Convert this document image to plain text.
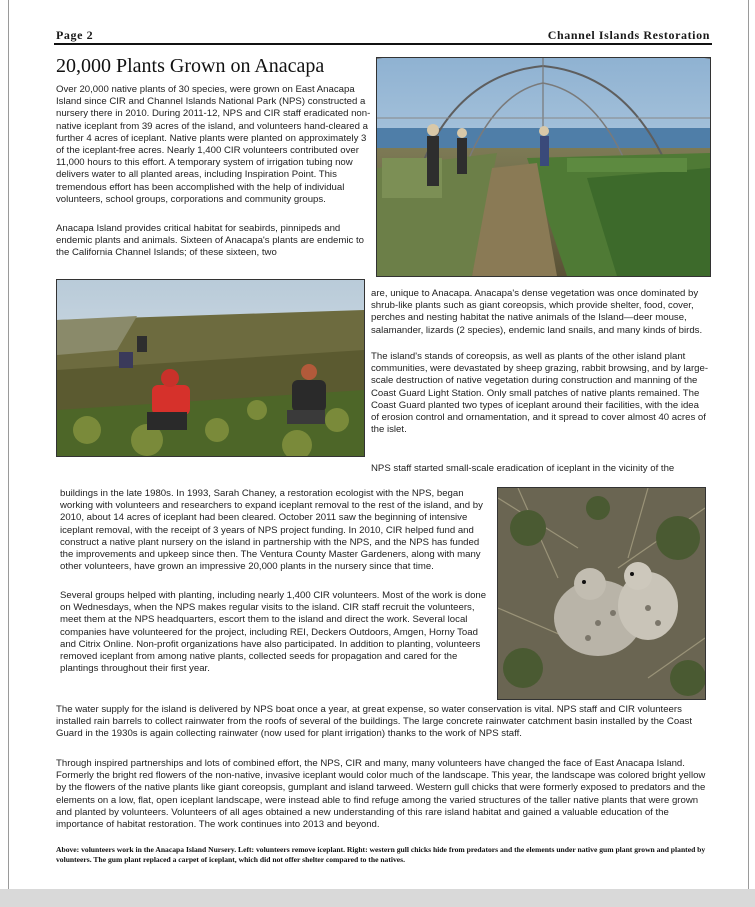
Page 2	Channel Islands Restoration
20,000 Plants Grown on Anacapa

Over 20,000 native plants of 30 species, were grown on East Anacapa Island since CIR and Channel Islands National Park (NPS) constructed a nursery there in 2010. During 2011-12, NPS and CIR staff eradicated non-native iceplant from 39 acres of the island, and volunteers hand-cleared a further 4 acres of iceplant. Native plants were planted on approximately 3 of the iceplant-free acres. Nearly 1,400 CIR volunteers contributed over 11,000 hours to this effort. A temporary system of irrigation tubing now delivers water to all planted areas, including Inspiration Point. This tremendous effort has been accomplished with the help of individual volunteers, school groups, corporations and community groups.

Anacapa Island provides critical habitat for seabirds, pinnipeds and endemic plants and animals. Sixteen of Anacapa's plants are endemic to the California Channel Islands; of these sixteen, two

are, unique to Anacapa. Anacapa's dense vegetation was once dominated by shrub-like plants such as giant coreopsis, which provide shelter, food, cover, perches and nesting habitat the native animals of the Island—deer mouse, salamander, lizards (2 species), endemic land snails, and many kinds of birds.

The island's stands of coreopsis, as well as plants of the other island plant communities, were devastated by sheep grazing, rabbit browsing, and by large-scale destruction of native vegetation during construction and manning of the Coast Guard Light Station. Only small patches of native plants remained. The Coast Guard planted two types of iceplant around their facilities, with the idea of erosion control and ornamentation, and it spread to cover almost 40 acres of the islet.

NPS staff started small-scale eradication of iceplant in the vicinity of the

buildings in the late 1980s. In 1993, Sarah Chaney, a restoration ecologist with the NPS, began working with volunteers and researchers to expand iceplant removal to the rest of the island, and by 2010, about 14 acres of iceplant had been cleared. October 2011 saw the beginning of intensive iceplant removal, with the receipt of 3 years of NPS project funding. In 2010, CIR helped fund and construct a native plant nursery on the island in partnership with the NPS, and the NPS has funded the improvements and upkeep since then. The Ventura County Master Gardeners, along with many other volunteers, have grown an impressive 20,000 plants in the nursery since that time.

Several groups helped with planting, including nearly 1,400 CIR volunteers. Most of the work is done on Wednesdays, when the NPS makes regular visits to the island. CIR staff recruit the volunteers, meet them at the NPS headquarters, escort them to the island and direct the work. Several local companies have volunteered for the project, including REI, Deckers Outdoors, Amgen, Horny Toad and Citrix Online. Non-profit organizations have also participated. In addition to planting, volunteers removed iceplant from among native plants, collected seeds for propagation and cared for the plantings throughout their first year.

The water supply for the island is delivered by NPS boat once a year, at great expense, so water conservation is vital. NPS staff and CIR volunteers installed rain barrels to collect rainwater from the roofs of several of the buildings. The large concrete rainwater catchment basin installed by the Coast Guard in the 1930s is again collecting rainwater (now used for plant irrigation) thanks to the work of NPS staff.

Through inspired partnerships and lots of combined effort, the NPS, CIR and many, many volunteers have changed the face of East Anacapa Island. Formerly the bright red flowers of the non-native, invasive iceplant would color much of the landscape. This year, the landscape was colored bright yellow by the flowers of the native plants like giant coreopsis, gumplant and island tarweed. Western gull chicks that were formerly exposed to predators and the elements on a low, flat, open iceplant landscape, were instead able to find refuge among the varied structures of the taller native plants that were grown and planted by volunteers. Volunteers of all ages obtained a new understanding of this rare island habitat and gained a valuable education of the importance of habitat restoration. The work continues into 2013 and beyond.

Above: volunteers work in the Anacapa Island Nursery. Left: volunteers remove iceplant. Right: western gull chicks hide from predators and the elements under native gum plant grown and planted by volunteers. The gum plant replaced a carpet of iceplant, which did not offer shelter compared to the natives.
